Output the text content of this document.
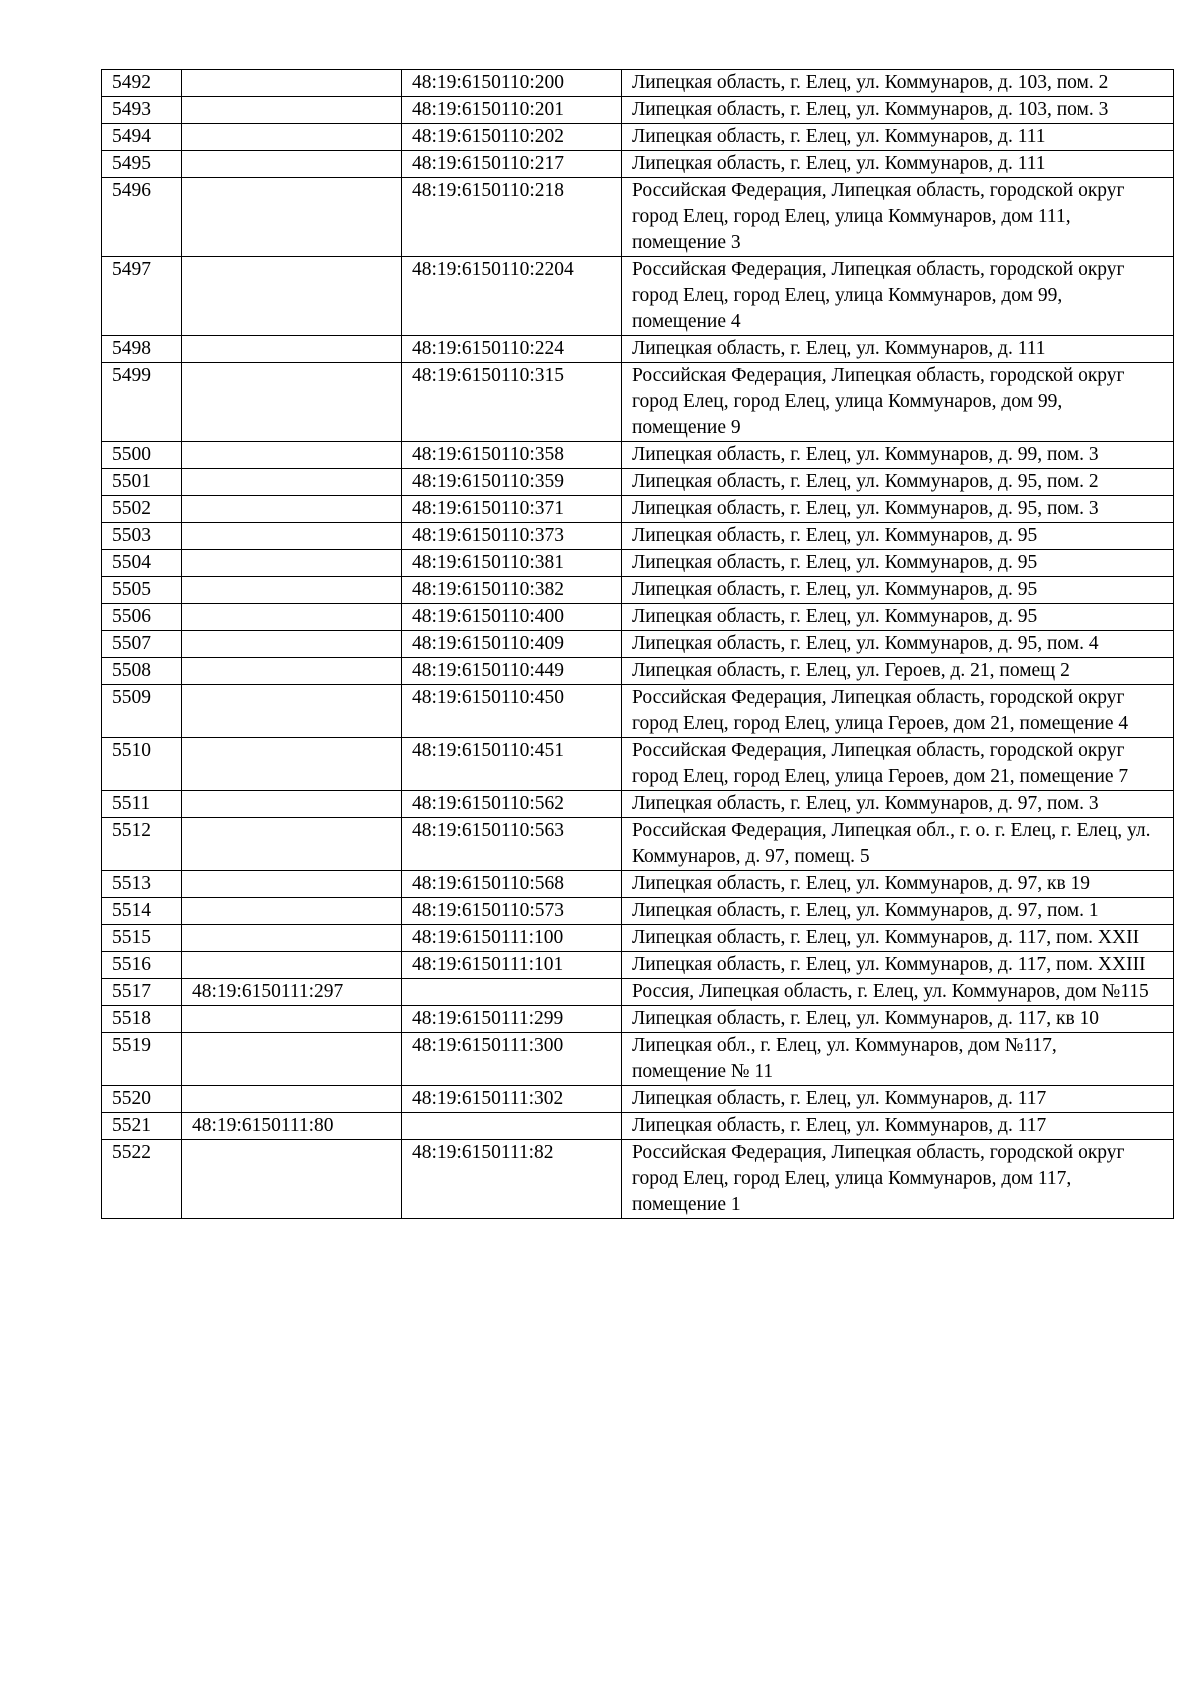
5492		48:19:6150110:200	Липецкая область, г. Елец, ул. Коммунаров, д. 103, пом. 2
5493		48:19:6150110:201	Липецкая область, г. Елец, ул. Коммунаров, д. 103, пом. 3
5494		48:19:6150110:202	Липецкая область, г. Елец, ул. Коммунаров, д. 111
5495		48:19:6150110:217	Липецкая область, г. Елец, ул. Коммунаров, д. 111
5496		48:19:6150110:218	Российская Федерация, Липецкая область, городской округ город Елец, город Елец, улица Коммунаров, дом 111, помещение 3
5497		48:19:6150110:2204	Российская Федерация, Липецкая область, городской округ город Елец, город Елец, улица Коммунаров, дом 99, помещение 4
5498		48:19:6150110:224	Липецкая область, г. Елец, ул. Коммунаров, д. 111
5499		48:19:6150110:315	Российская Федерация, Липецкая область, городской округ город Елец, город Елец, улица Коммунаров, дом 99, помещение 9
5500		48:19:6150110:358	Липецкая область, г. Елец, ул. Коммунаров, д. 99, пом. 3
5501		48:19:6150110:359	Липецкая область, г. Елец, ул. Коммунаров, д. 95, пом. 2
5502		48:19:6150110:371	Липецкая область, г. Елец, ул. Коммунаров, д. 95, пом. 3
5503		48:19:6150110:373	Липецкая область, г. Елец, ул. Коммунаров, д. 95
5504		48:19:6150110:381	Липецкая область, г. Елец, ул. Коммунаров, д. 95
5505		48:19:6150110:382	Липецкая область, г. Елец, ул. Коммунаров, д. 95
5506		48:19:6150110:400	Липецкая область, г. Елец, ул. Коммунаров, д. 95
5507		48:19:6150110:409	Липецкая область, г. Елец, ул. Коммунаров, д. 95, пом. 4
5508		48:19:6150110:449	Липецкая область, г. Елец, ул. Героев, д. 21, помещ 2
5509		48:19:6150110:450	Российская Федерация, Липецкая область, городской округ город Елец, город Елец, улица Героев, дом 21, помещение 4
5510		48:19:6150110:451	Российская Федерация, Липецкая область, городской округ город Елец, город Елец, улица Героев, дом 21, помещение 7
5511		48:19:6150110:562	Липецкая область, г. Елец, ул. Коммунаров, д. 97, пом. 3
5512		48:19:6150110:563	Российская Федерация, Липецкая обл., г. о. г. Елец, г. Елец, ул. Коммунаров, д. 97, помещ. 5
5513		48:19:6150110:568	Липецкая область, г. Елец, ул. Коммунаров, д. 97, кв 19
5514		48:19:6150110:573	Липецкая область, г. Елец, ул. Коммунаров, д. 97, пом. 1
5515		48:19:6150111:100	Липецкая область, г. Елец, ул. Коммунаров, д. 117, пом. XXII
5516		48:19:6150111:101	Липецкая область, г. Елец, ул. Коммунаров, д. 117, пом. XXIII
5517	48:19:6150111:297		Россия, Липецкая область, г. Елец, ул. Коммунаров, дом №115
5518		48:19:6150111:299	Липецкая область, г. Елец, ул. Коммунаров, д. 117, кв 10
5519		48:19:6150111:300	Липецкая обл., г. Елец, ул. Коммунаров, дом №117, помещение № 11
5520		48:19:6150111:302	Липецкая область, г. Елец, ул. Коммунаров, д. 117
5521	48:19:6150111:80		Липецкая область, г. Елец, ул. Коммунаров, д. 117
5522		48:19:6150111:82	Российская Федерация, Липецкая область, городской округ город Елец, город Елец, улица Коммунаров, дом 117, помещение 1
